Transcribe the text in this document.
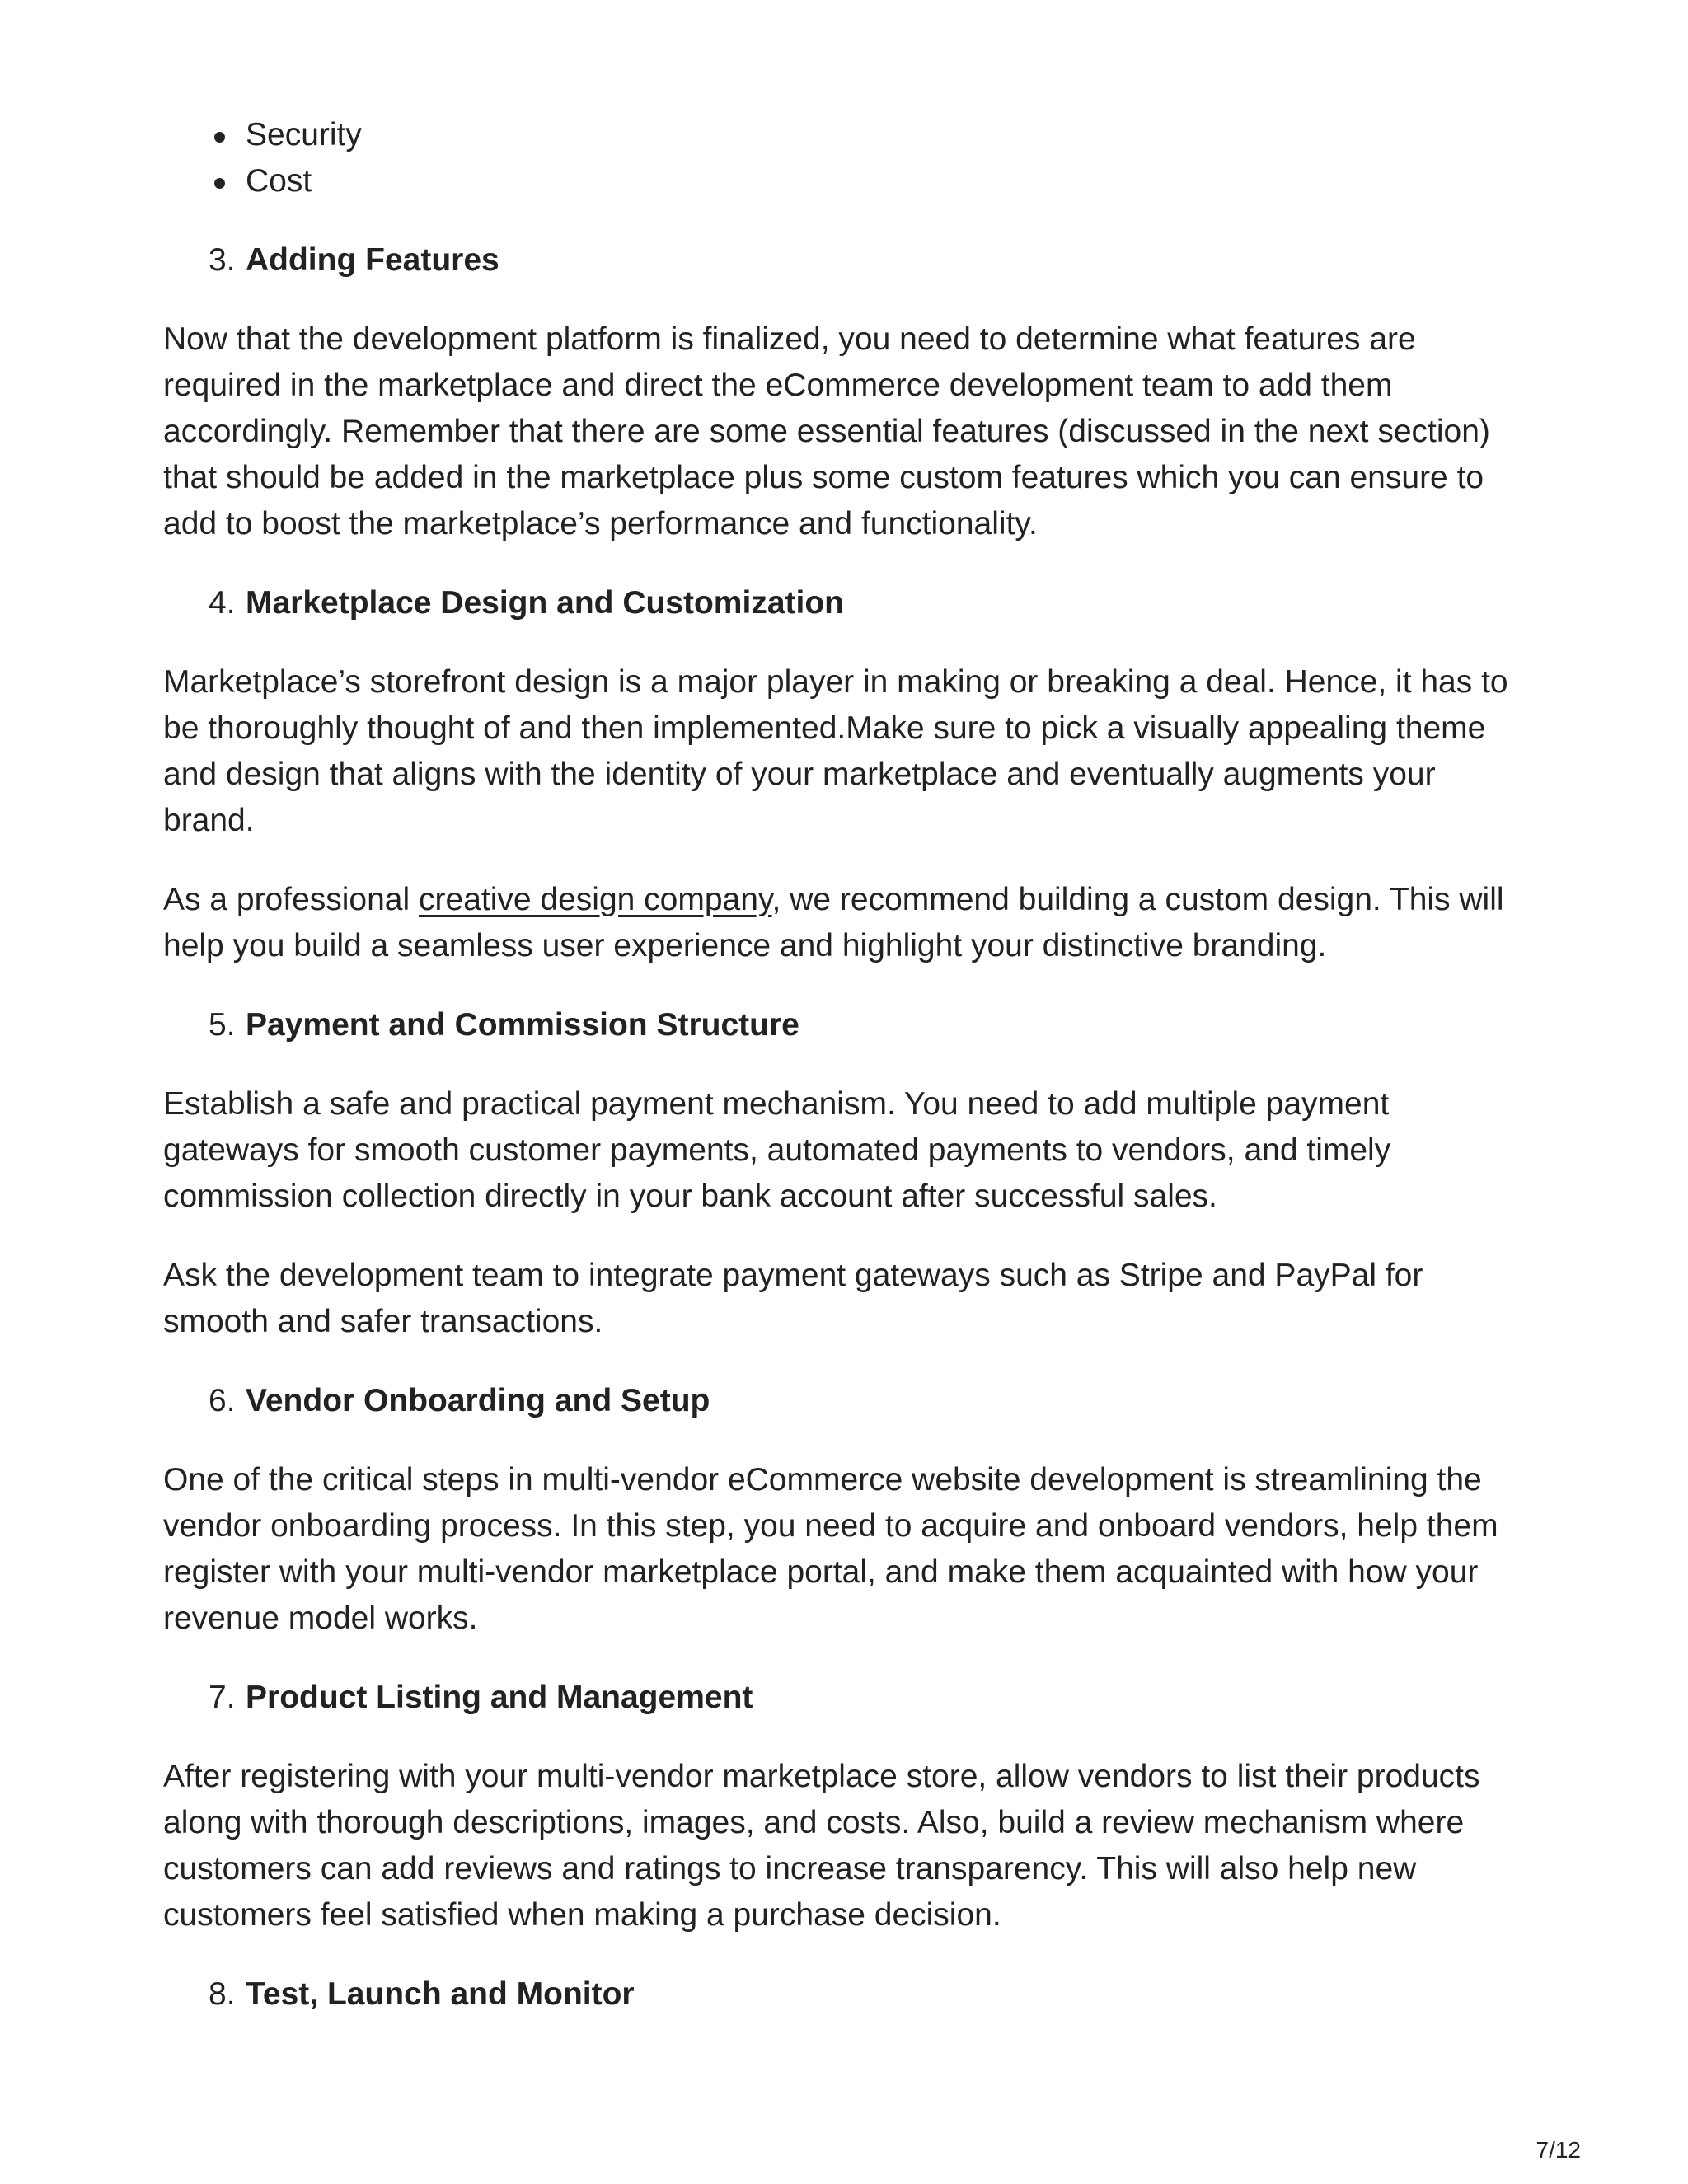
Security
Cost
3. Adding Features

Now that the development platform is finalized, you need to determine what features are required in the marketplace and direct the eCommerce development team to add them accordingly. Remember that there are some essential features (discussed in the next section) that should be added in the marketplace plus some custom features which you can ensure to add to boost the marketplace’s performance and functionality.

4. Marketplace Design and Customization

Marketplace’s storefront design is a major player in making or breaking a deal. Hence, it has to be thoroughly thought of and then implemented.Make sure to pick a visually appealing theme and design that aligns with the identity of your marketplace and eventually augments your brand.

As a professional creative design company, we recommend building a custom design. This will help you build a seamless user experience and highlight your distinctive branding.

5. Payment and Commission Structure

Establish a safe and practical payment mechanism. You need to add multiple payment gateways for smooth customer payments, automated payments to vendors, and timely commission collection directly in your bank account after successful sales.

Ask the development team to integrate payment gateways such as Stripe and PayPal for smooth and safer transactions.

6. Vendor Onboarding and Setup

One of the critical steps in multi-vendor eCommerce website development is streamlining the vendor onboarding process. In this step, you need to acquire and onboard vendors, help them register with your multi-vendor marketplace portal, and make them acquainted with how your revenue model works.

7. Product Listing and Management

After registering with your multi-vendor marketplace store, allow vendors to list their products along with thorough descriptions, images, and costs. Also, build a review mechanism where customers can add reviews and ratings to increase transparency. This will also help new customers feel satisfied when making a purchase decision.

8. Test, Launch and Monitor
7/12
